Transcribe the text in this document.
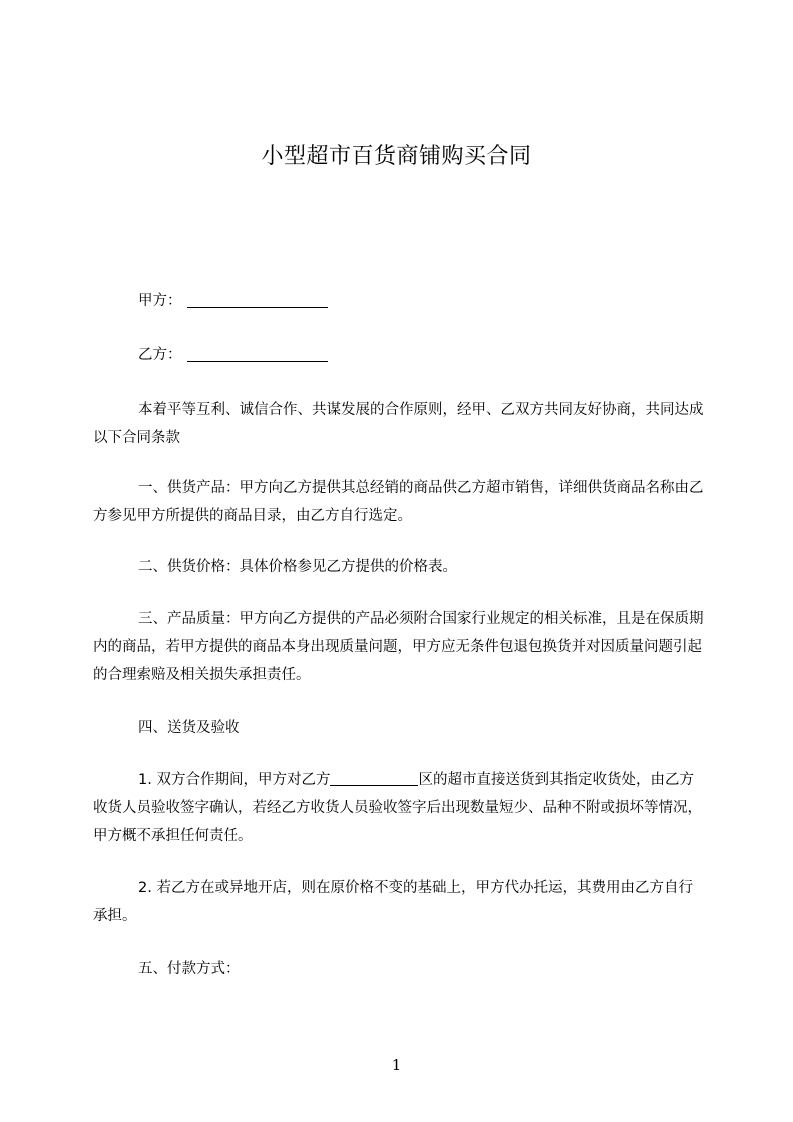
小型超市百货商铺购买合同
甲方：
乙方：

本着平等互利、诚信合作、共谋发展的合作原则，经甲、乙双方共同友好协商，共同达成以下合同条款

一、供货产品：甲方向乙方提供其总经销的商品供乙方超市销售，详细供货商品名称由乙方参见甲方所提供的商品目录，由乙方自行选定。

二、供货价格：具体价格参见乙方提供的价格表。

三、产品质量：甲方向乙方提供的产品必须附合国家行业规定的相关标准，且是在保质期内的商品，若甲方提供的商品本身出现质量问题，甲方应无条件包退包换货并对因质量问题引起的合理索赔及相关损失承担责任。

四、送货及验收

1. 双方合作期间，甲方对乙方	区的超市直接送货到其指定收货处，由乙方收货人员验收签字确认，若经乙方收货人员验收签字后出现数量短少、品种不附或损坏等情况，甲方概不承担任何责任。

2. 若乙方在或异地开店，则在原价格不变的基础上，甲方代办托运，其费用由乙方自行承担。

五、付款方式：

1
